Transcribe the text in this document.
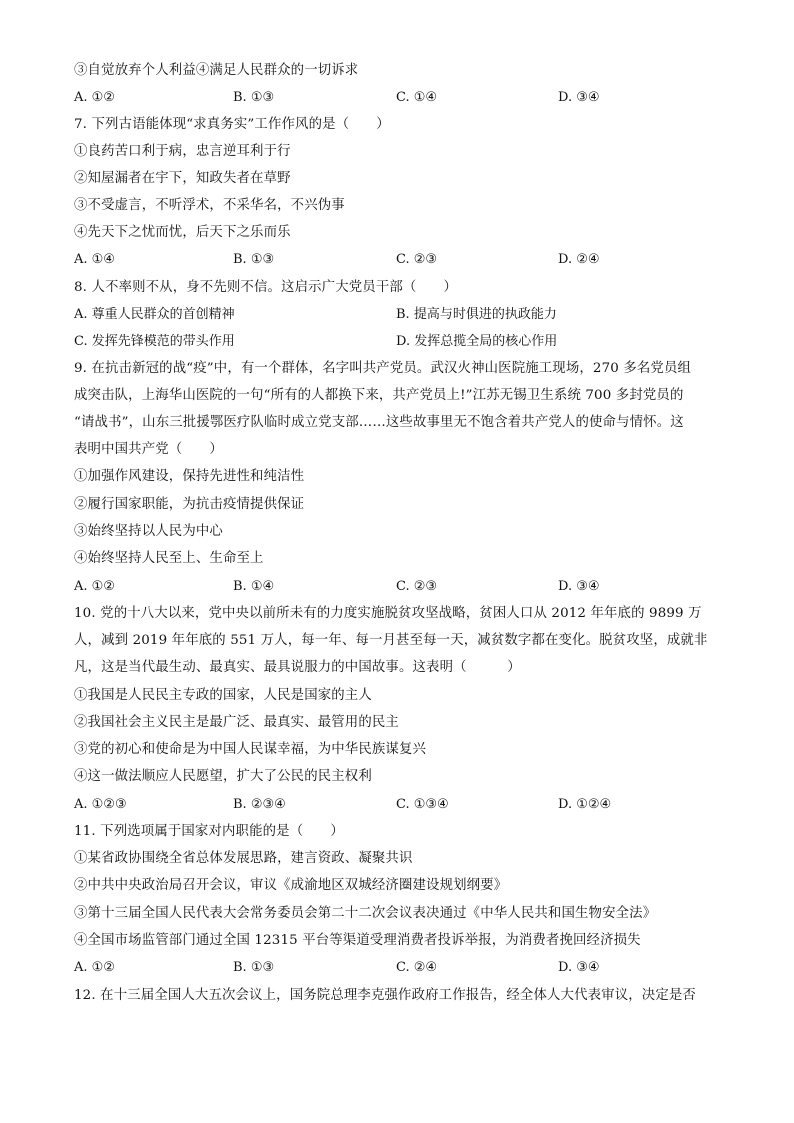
③自觉放弃个人利益④满足人民群众的一切诉求
A. ①②	B. ①③	C. ①④	D. ③④
7. 下列古语能体现“求真务实”工作作风的是（　　）
①良药苦口利于病，忠言逆耳利于行
②知屋漏者在宇下，知政失者在草野
③不受虚言，不听浮术，不采华名，不兴伪事
④先天下之忧而忧，后天下之乐而乐
A. ①④	B. ①③	C. ②③	D. ②④
8. 人不率则不从，身不先则不信。这启示广大党员干部（　　）
A. 尊重人民群众的首创精神	B. 提高与时俱进的执政能力
C. 发挥先锋模范的带头作用	D. 发挥总揽全局的核心作用
9. 在抗击新冠的战“疫”中，有一个群体，名字叫共产党员。武汉火神山医院施工现场，270 多名党员组
成突击队，上海华山医院的一句“所有的人都换下来，共产党员上!”江苏无锡卫生系统 700 多封党员的
“请战书”，山东三批援鄂医疗队临时成立党支部……这些故事里无不饱含着共产党人的使命与情怀。这
表明中国共产党（　　）
①加强作风建设，保持先进性和纯洁性
②履行国家职能，为抗击疫情提供保证
③始终坚持以人民为中心
④始终坚持人民至上、生命至上
A. ①②	B. ①④	C. ②③	D. ③④
10. 党的十八大以来，党中央以前所未有的力度实施脱贫攻坚战略，贫困人口从 2012 年年底的 9899 万
人，减到 2019 年年底的 551 万人，每一年、每一月甚至每一天，减贫数字都在变化。脱贫攻坚，成就非
凡，这是当代最生动、最真实、最具说服力的中国故事。这表明（　　　）
①我国是人民民主专政的国家，人民是国家的主人
②我国社会主义民主是最广泛、最真实、最管用的民主
③党的初心和使命是为中国人民谋幸福，为中华民族谋复兴
④这一做法顺应人民愿望，扩大了公民的民主权利
A. ①②③	B. ②③④	C. ①③④	D. ①②④
11. 下列选项属于国家对内职能的是（　　）
①某省政协围绕全省总体发展思路，建言资政、凝聚共识
②中共中央政治局召开会议，审议《成渝地区双城经济圈建设规划纲要》
③第十三届全国人民代表大会常务委员会第二十二次会议表决通过《中华人民共和国生物安全法》
④全国市场监管部门通过全国 12315 平台等渠道受理消费者投诉举报，为消费者挽回经济损失
A. ①②	B. ①③	C. ②④	D. ③④
12. 在十三届全国人大五次会议上，国务院总理李克强作政府工作报告，经全体人大代表审议，决定是否
